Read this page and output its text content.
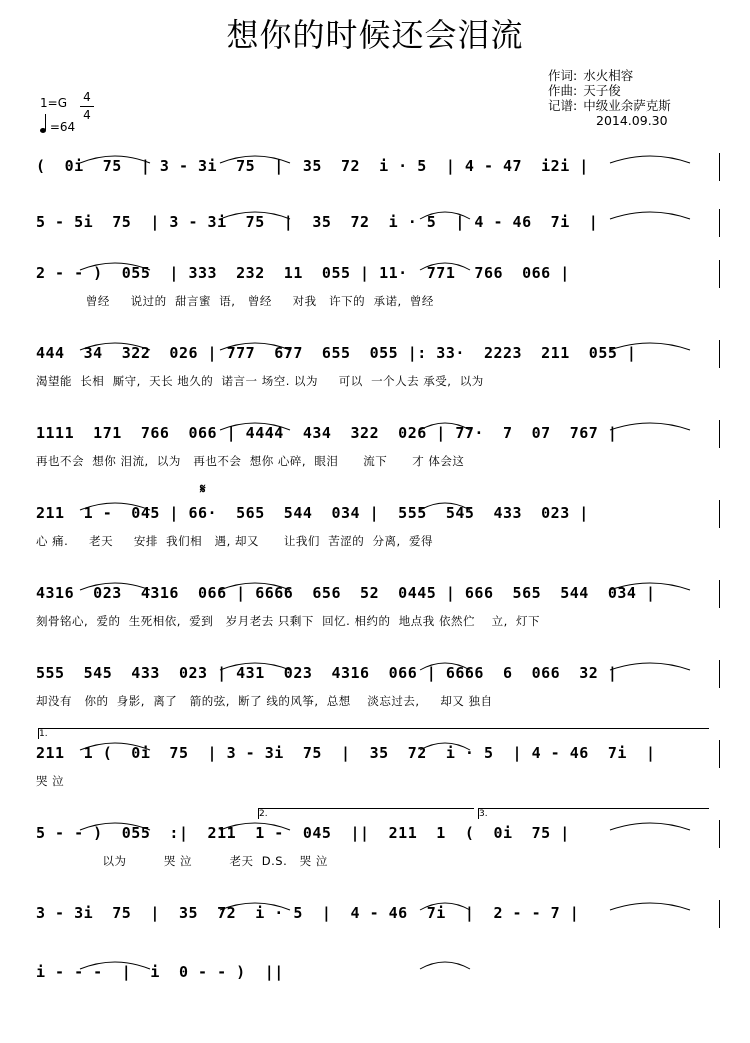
想你的时候还会泪流
作词: 水火相容
作曲: 天子俊
记谱: 中级业余萨克斯
2014.09.30
1=G 4
4
=64
𝄋
1.
2.	3.
(  0i  75  | 3 - 3i  75  |  35  72  i · 5  | 4 - 47  i2i |
5 - 5i  75  | 3 - 3i  75  |  35  72  i · 5  | 4 - 46  7i  |
2 - - )  055  | 333  232  11  055 | 11·  771  766  066 |
曾经     说过的  甜言蜜  语,   曾经     对我   许下的  承诺,  曾经
444  34  322  026 | 777  677  655  055 |: 33·  2223  211  055 |
渴望能  长相  厮守,  天长 地久的  诺言一 场空. 以为     可以  一个人去 承受,  以为
1111  171  766  066 | 4444  434  322  026 | 77·  7  07  767 |
再也不会  想你 泪流,  以为   再也不会  想你 心碎,  眼泪      流下      才 体会这
211  1 -  045 | 66·  565  544  034 |  555  545  433  023 |
心 痛.     老天     安排  我们相   遇, 却又      让我们  苦涩的  分离,  爱得
4316  023  4316  066 | 6666  656  52  0445 | 666  565  544  034 |
刻骨铭心,  爱的  生死相依,  爱到   岁月老去 只剩下  回忆. 相约的  地点我 依然伫    立,  灯下
555  545  433  023 | 431  023  4316  066 | 6666  6  066  32 |
却没有   你的  身影,  离了   箭的弦,  断了 线的风筝,  总想    淡忘过去,     却又 独自
211  1 (  0i  75  | 3 - 3i  75  |  35  72  i · 5  | 4 - 46  7i  |
哭 泣
5 - - )  055  :|  211  1 -  045  ||  211  1  (  0i  75 |
以为         哭 泣         老天  D.S.   哭 泣
3 - 3i  75  |  35  72  i · 5  |  4 - 46  7i  |  2 - - 7 |
i - - -  |  i  0 - - )  ||
